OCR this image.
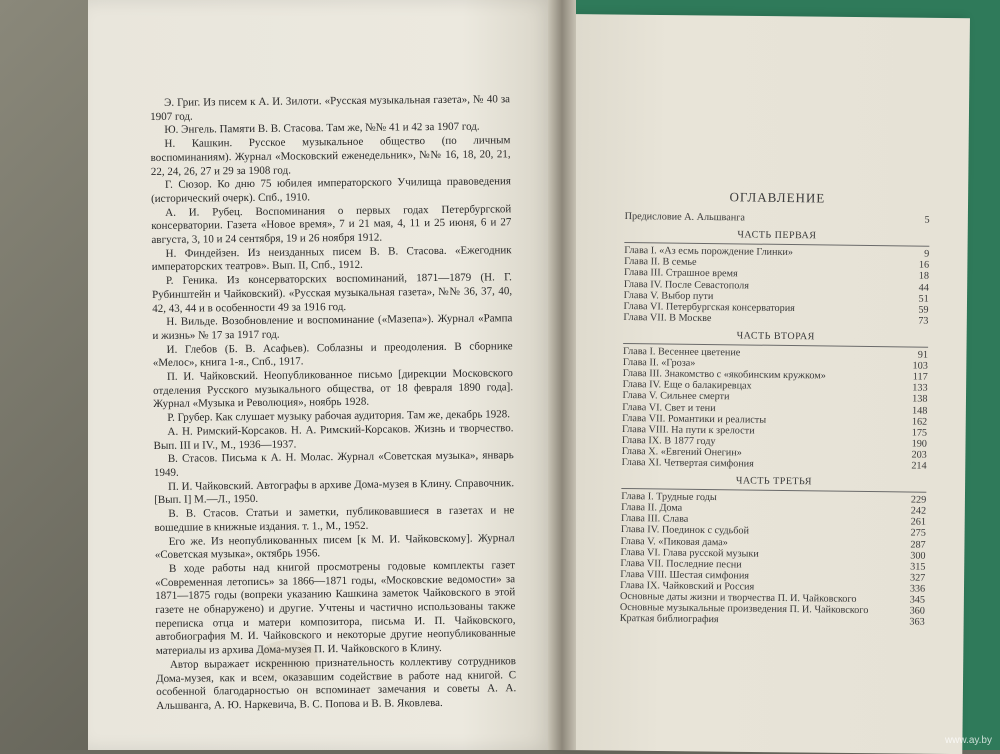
Э. Григ. Из писем к А. И. Зилоти. «Русская музыкальная газета», № 40 за 1907 год.

Ю. Энгель. Памяти В. В. Стасова. Там же, №№ 41 и 42 за 1907 год.

Н. Кашкин. Русское музыкальное общество (по личным воспоминаниям). Журнал «Московский еженедельник», №№ 16, 18, 20, 21, 22, 24, 26, 27 и 29 за 1908 год.

Г. Сюзор. Ко дню 75 юбилея императорского Училища правоведения (исторический очерк). Спб., 1910.

А. И. Рубец. Воспоминания о первых годах Петербургской консерватории. Газета «Новое время», 7 и 21 мая, 4, 11 и 25 июня, 6 и 27 августа, 3, 10 и 24 сентября, 19 и 26 ноября 1912.

Н. Финдейзен. Из неизданных писем В. В. Стасова. «Ежегодник императорских театров». Вып. II, Спб., 1912.

Р. Геника. Из консерваторских воспоминаний, 1871—1879 (Н. Г. Рубинштейн и Чайковский). «Русская музыкальная газета», №№ 36, 37, 40, 42, 43, 44 и в особенности 49 за 1916 год.

Н. Вильде. Возобновление и воспоминание («Мазепа»). Журнал «Рампа и жизнь» № 17 за 1917 год.

И. Глебов (Б. В. Асафьев). Соблазны и преодоления. В сборнике «Мелос», книга 1-я., Спб., 1917.

П. И. Чайковский. Неопубликованное письмо [дирекции Московского отделения Русского музыкального общества, от 18 февраля 1890 года]. Журнал «Музыка и Революция», ноябрь 1928.

Р. Грубер. Как слушает музыку рабочая аудитория. Там же, декабрь 1928.

А. Н. Римский-Корсаков. Н. А. Римский-Корсаков. Жизнь и творчество. Вып. III и IV., М., 1936—1937.

В. Стасов. Письма к А. Н. Молас. Журнал «Советская музыка», январь 1949.

П. И. Чайковский. Автографы в архиве Дома-музея в Клину. Справочник. [Вып. I] М.—Л., 1950.

В. В. Стасов. Статьи и заметки, публиковавшиеся в газетах и не вошедшие в книжные издания. т. 1., М., 1952.

Его же. Из неопубликованных писем [к М. И. Чайковскому]. Журнал «Советская музыка», октябрь 1956.

В ходе работы над книгой просмотрены годовые комплекты газет «Современная летопись» за 1866—1871 годы, «Московские ведомости» за 1871—1875 годы (вопреки указанию Кашкина заметок Чайковского в этой газете не обнаружено) и другие. Учтены и частично использованы также переписка отца и матери композитора, письма И. П. Чайковского, автобиография М. И. Чайковского и некоторые другие неопубликованные материалы из архива Дома-музея П. И. Чайковского в Клину.

Автор выражает искреннюю признательность коллективу сотрудников Дома-музея, как и всем, оказавшим содействие в работе над книгой. С особенной благодарностью он вспоминает замечания и советы А. А. Альшванга, А. Ю. Наркевича, В. С. Попова и В. В. Яковлева.

ОГЛАВЛЕНИЕ
Предисловие А. Альшванга	5
ЧАСТЬ ПЕРВАЯ
Глава I. «Аз есмь порождение Глинки»	9
Глава II. В семье	16
Глава III. Страшное время	18
Глава IV. После Севастополя	44
Глава V. Выбор пути	51
Глава VI. Петербургская консерватория	59
Глава VII. В Москве	73
ЧАСТЬ ВТОРАЯ
Глава I. Весеннее цветение	91
Глава II. «Гроза»	103
Глава III. Знакомство с «якобинским кружком»	117
Глава IV. Еще о балакиревцах	133
Глава V. Сильнее смерти	138
Глава VI. Свет и тени	148
Глава VII. Романтики и реалисты	162
Глава VIII. На пути к зрелости	175
Глава IX. В 1877 году	190
Глава X. «Евгений Онегин»	203
Глава XI. Четвертая симфония	214
ЧАСТЬ ТРЕТЬЯ
Глава I. Трудные годы	229
Глава II. Дома	242
Глава III. Слава	261
Глава IV. Поединок с судьбой	275
Глава V. «Пиковая дама»	287
Глава VI. Глава русской музыки	300
Глава VII. Последние песни	315
Глава VIII. Шестая симфония	327
Глава IX. Чайковский и Россия	336
Основные даты жизни и творчества П. И. Чайковского	345
Основные музыкальные произведения П. И. Чайковского	360
Краткая библиография	363
www.ay.by
